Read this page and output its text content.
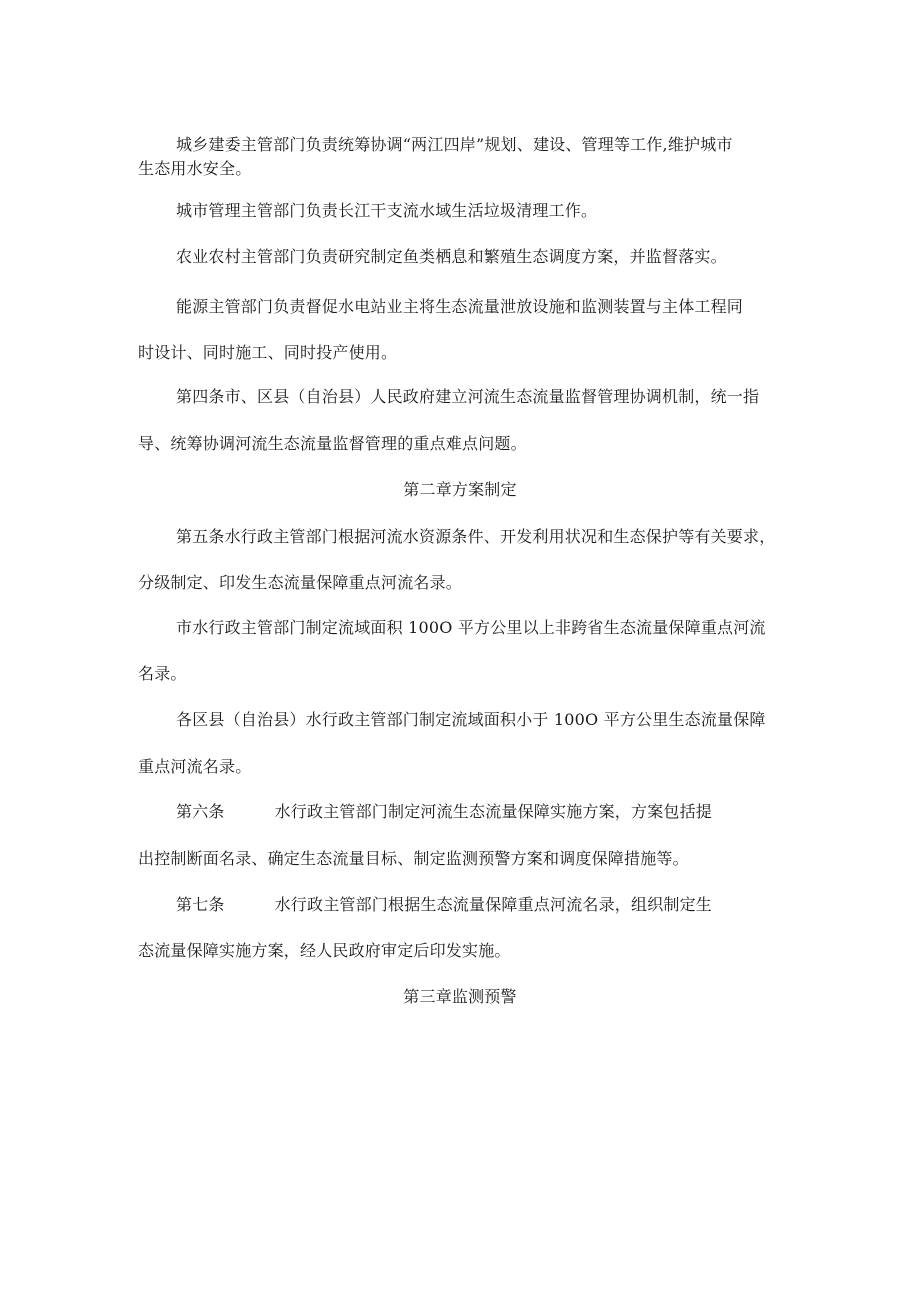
城乡建委主管部门负责统筹协调“两江四岸”规划、建设、管理等工作,维护城市
生态用水安全。
城市管理主管部门负责长江干支流水域生活垃圾清理工作。
农业农村主管部门负责研究制定鱼类栖息和繁殖生态调度方案，并监督落实。
能源主管部门负责督促水电站业主将生态流量泄放设施和监测装置与主体工程同
时设计、同时施工、同时投产使用。
第四条市、区县（自治县）人民政府建立河流生态流量监督管理协调机制，统一指
导、统筹协调河流生态流量监督管理的重点难点问题。
第二章方案制定
第五条水行政主管部门根据河流水资源条件、开发利用状况和生态保护等有关要求，
分级制定、印发生态流量保障重点河流名录。
市水行政主管部门制定流域面积 100O 平方公里以上非跨省生态流量保障重点河流
名录。
各区县（自治县）水行政主管部门制定流域面积小于 100O 平方公里生态流量保障
重点河流名录。
第六条	水行政主管部门制定河流生态流量保障实施方案，方案包括提
出控制断面名录、确定生态流量目标、制定监测预警方案和调度保障措施等。
第七条	水行政主管部门根据生态流量保障重点河流名录，组织制定生
态流量保障实施方案，经人民政府审定后印发实施。
第三章监测预警
